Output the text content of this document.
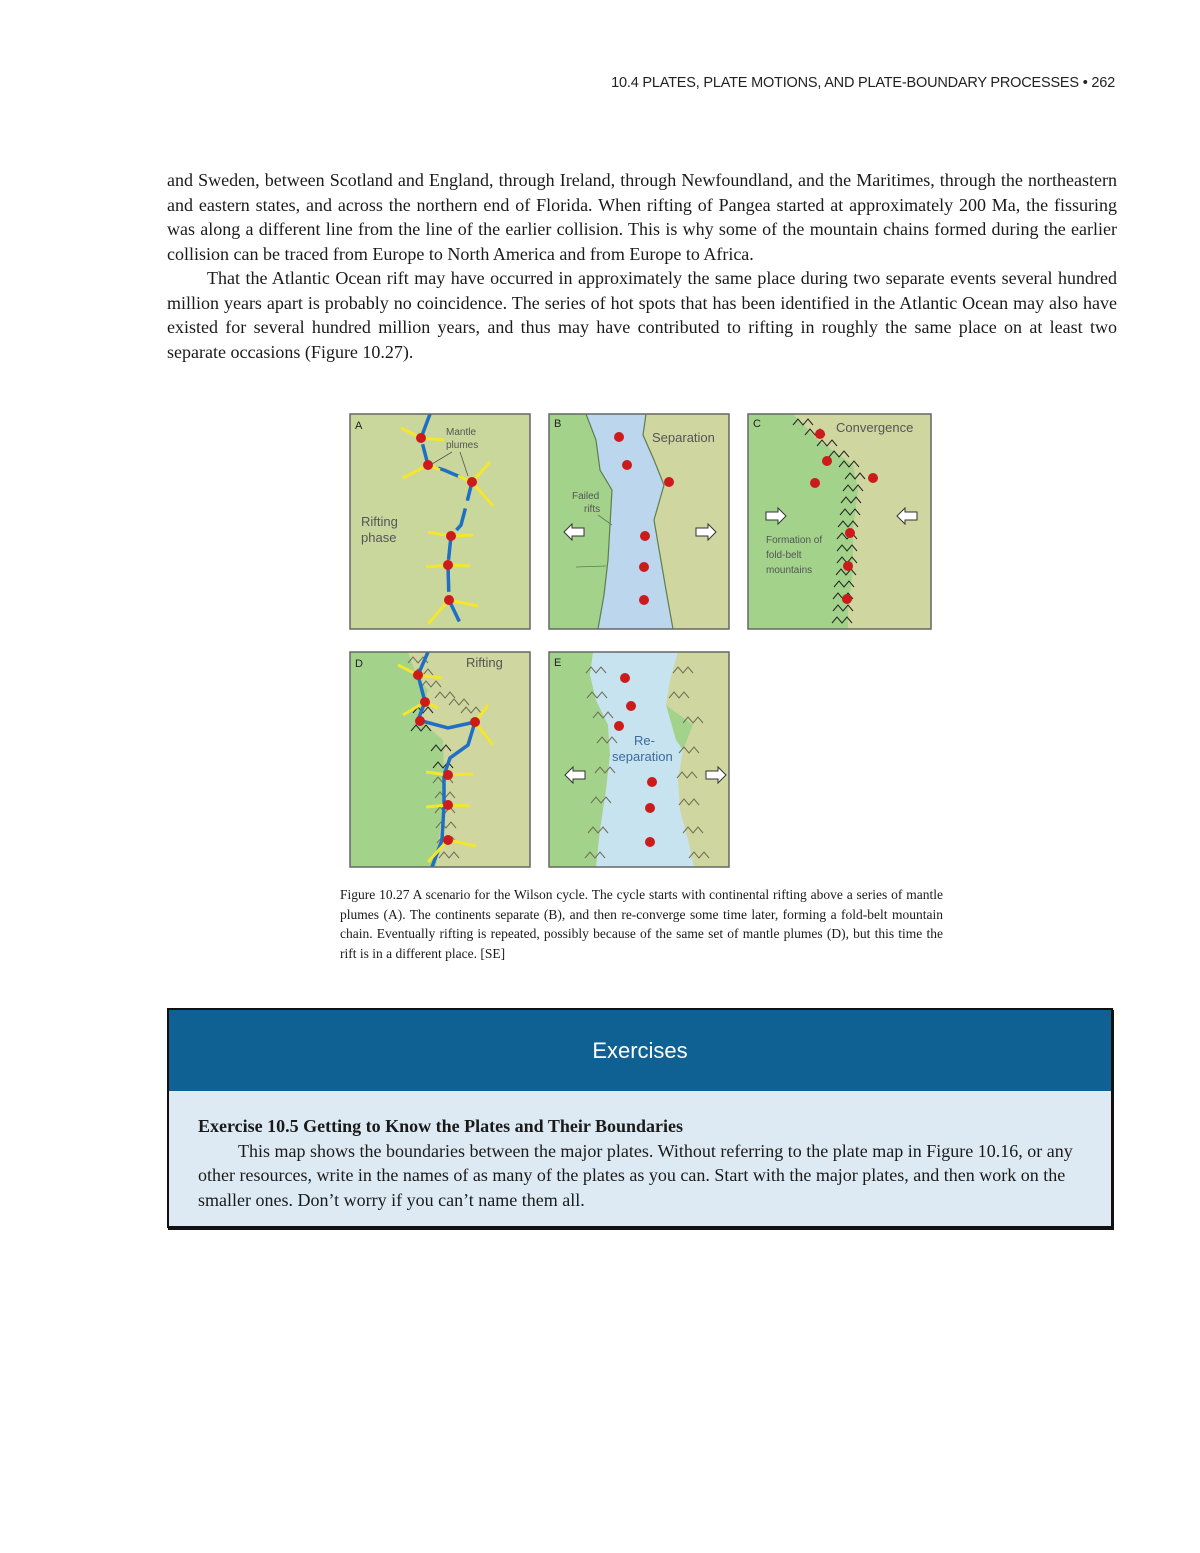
10.4 PLATES, PLATE MOTIONS, AND PLATE-BOUNDARY PROCESSES • 262

and Sweden, between Scotland and England, through Ireland, through Newfoundland, and the Maritimes, through the northeastern and eastern states, and across the northern end of Florida. When rifting of Pangea started at approximately 200 Ma, the fissuring was along a different line from the line of the earlier collision. This is why some of the mountain chains formed during the earlier collision can be traced from Europe to North America and from Europe to Africa.

That the Atlantic Ocean rift may have occurred in approximately the same place during two separate events several hundred million years apart is probably no coincidence. The series of hot spots that has been identified in the Atlantic Ocean may also have existed for several hundred million years, and thus may have contributed to rifting in roughly the same place on at least two separate occasions (Figure 10.27).

A
Mantle
plumes
Rifting
phase
B
Separation
Failed
rifts
C	Convergence
Formation of
fold-belt
mountains
D	Rifting	E
Re-
separation
Figure 10.27 A scenario for the Wilson cycle. The cycle starts with continental rifting above a series of mantle plumes (A). The continents separate (B), and then re-converge some time later, forming a fold-belt mountain chain. Eventually rifting is repeated, possibly because of the same set of mantle plumes (D), but this time the rift is in a different place. [SE]
Exercises

Exercise 10.5 Getting to Know the Plates and Their Boundaries

This map shows the boundaries between the major plates. Without referring to the plate map in Figure 10.16, or any other resources, write in the names of as many of the plates as you can. Start with the major plates, and then work on the smaller ones. Don’t worry if you can’t name them all.
